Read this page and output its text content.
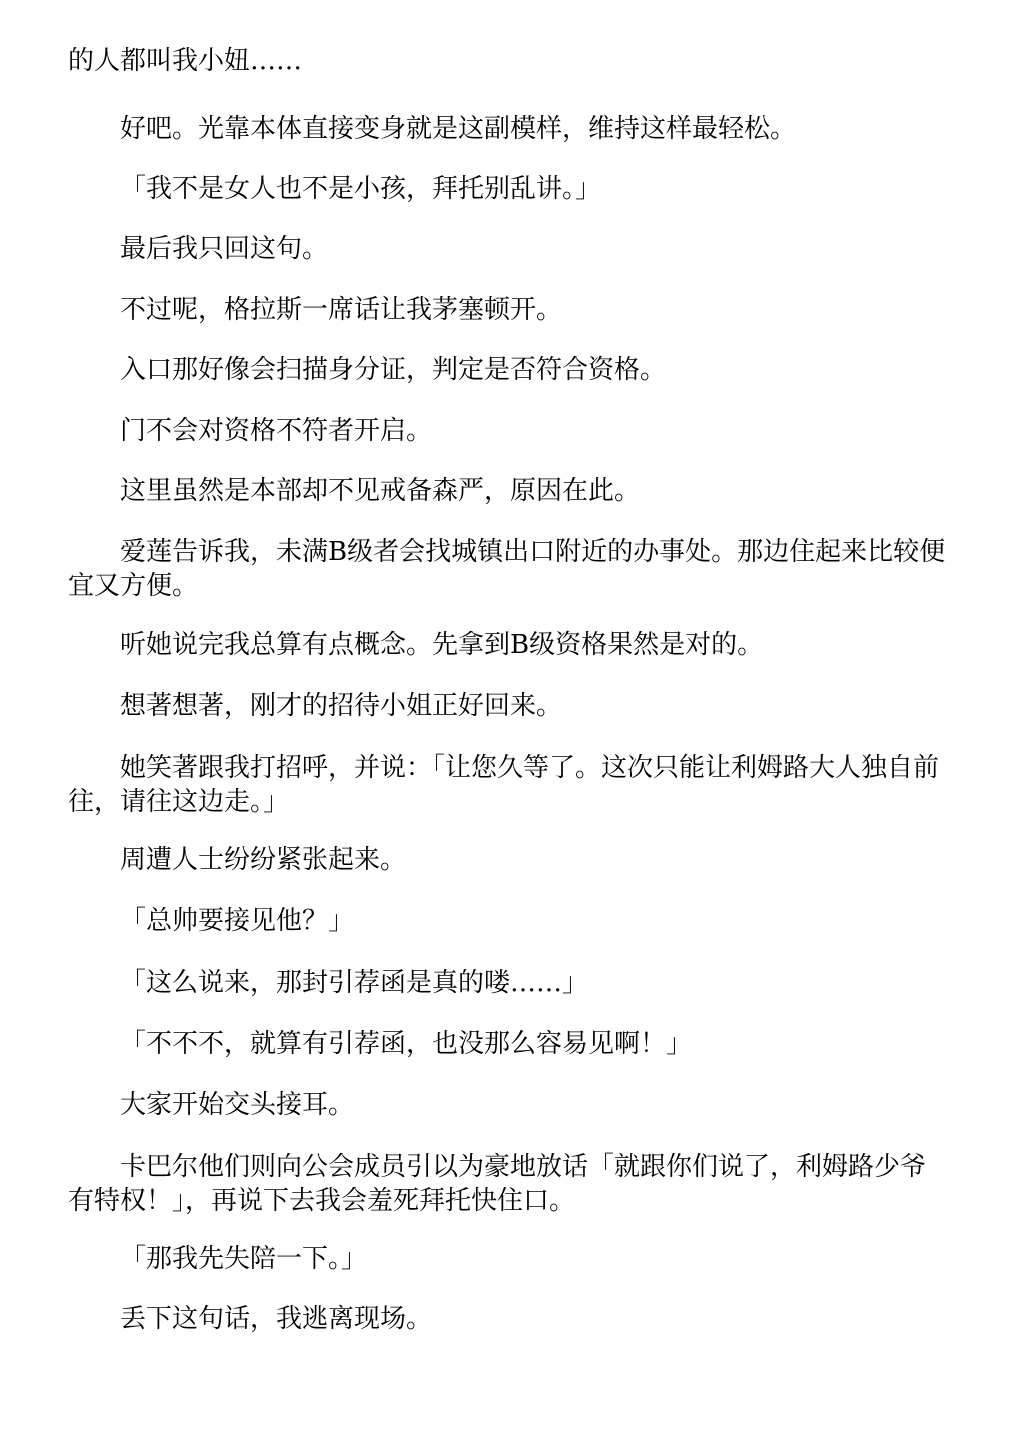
的人都叫我小妞……

好吧。光靠本体直接变身就是这副模样，维持这样最轻松。

「我不是女人也不是小孩，拜托别乱讲。」

最后我只回这句。

不过呢，格拉斯一席话让我茅塞顿开。

入口那好像会扫描身分证，判定是否符合资格。

门不会对资格不符者开启。

这里虽然是本部却不见戒备森严，原因在此。

爱莲告诉我，未满B级者会找城镇出口附近的办事处。那边住起来比较便宜又方便。

听她说完我总算有点概念。先拿到B级资格果然是对的。

想著想著，刚才的招待小姐正好回来。

她笑著跟我打招呼，并说：「让您久等了。这次只能让利姆路大人独自前往，请往这边走。」

周遭人士纷纷紧张起来。

「总帅要接见他？」

「这么说来，那封引荐函是真的喽……」

「不不不，就算有引荐函，也没那么容易见啊！」

大家开始交头接耳。

卡巴尔他们则向公会成员引以为豪地放话「就跟你们说了，利姆路少爷有特权！」，再说下去我会羞死拜托快住口。

「那我先失陪一下。」

丢下这句话，我逃离现场。
